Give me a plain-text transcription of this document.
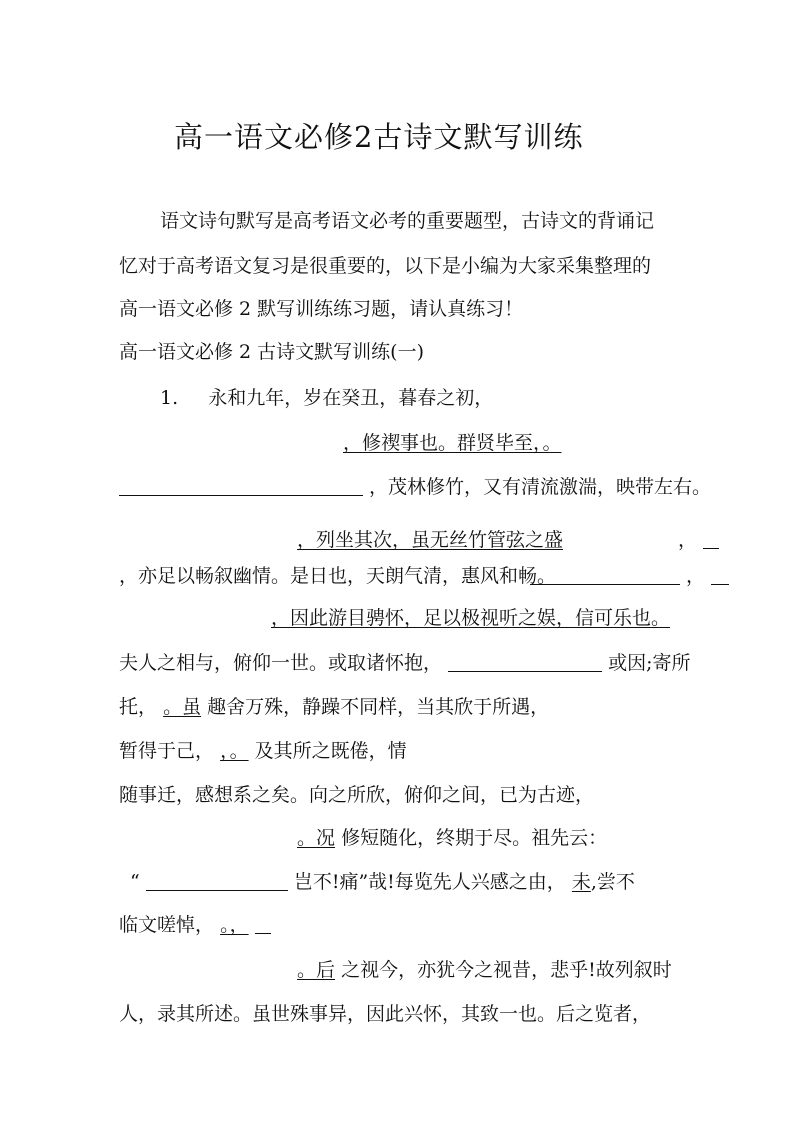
高一语文必修2古诗文默写训练

语文诗句默写是高考语文必考的重要题型，古诗文的背诵记

忆对于高考语文复习是很重要的，以下是小编为大家采集整理的

高一语文必修 2 默写训练练习题，请认真练习！

高一语文必修 2 古诗文默写训练(一)

1. 永和九年，岁在癸丑，暮春之初，

，修禊事也。群贤毕至，。

，茂林修竹，又有清流激湍，映带左右。

，列坐其次，虽无丝竹管弦之盛	，

，亦足以畅叙幽情。是日也，天朗气清，惠风和畅。	，

，因此游目骋怀，足以极视听之娱，信可乐也。

夫人之相与，俯仰一世。或取诸怀抱，	或因;寄所

托， 。虽 趣舍万殊，静躁不同样，当其欣于所遇，

暂得于己， ，。 及其所之既倦，情

随事迁，感想系之矣。向之所欣，俯仰之间，已为古迹，

。况 修短随化，终期于尽。祖先云：

“	岂不!痛”哉!每览先人兴感之由， 未,尝不

临文嗟悼， 。，

。后 之视今，亦犹今之视昔，悲乎!故列叙时

人，录其所述。虽世殊事异，因此兴怀，其致一也。后之览者，
